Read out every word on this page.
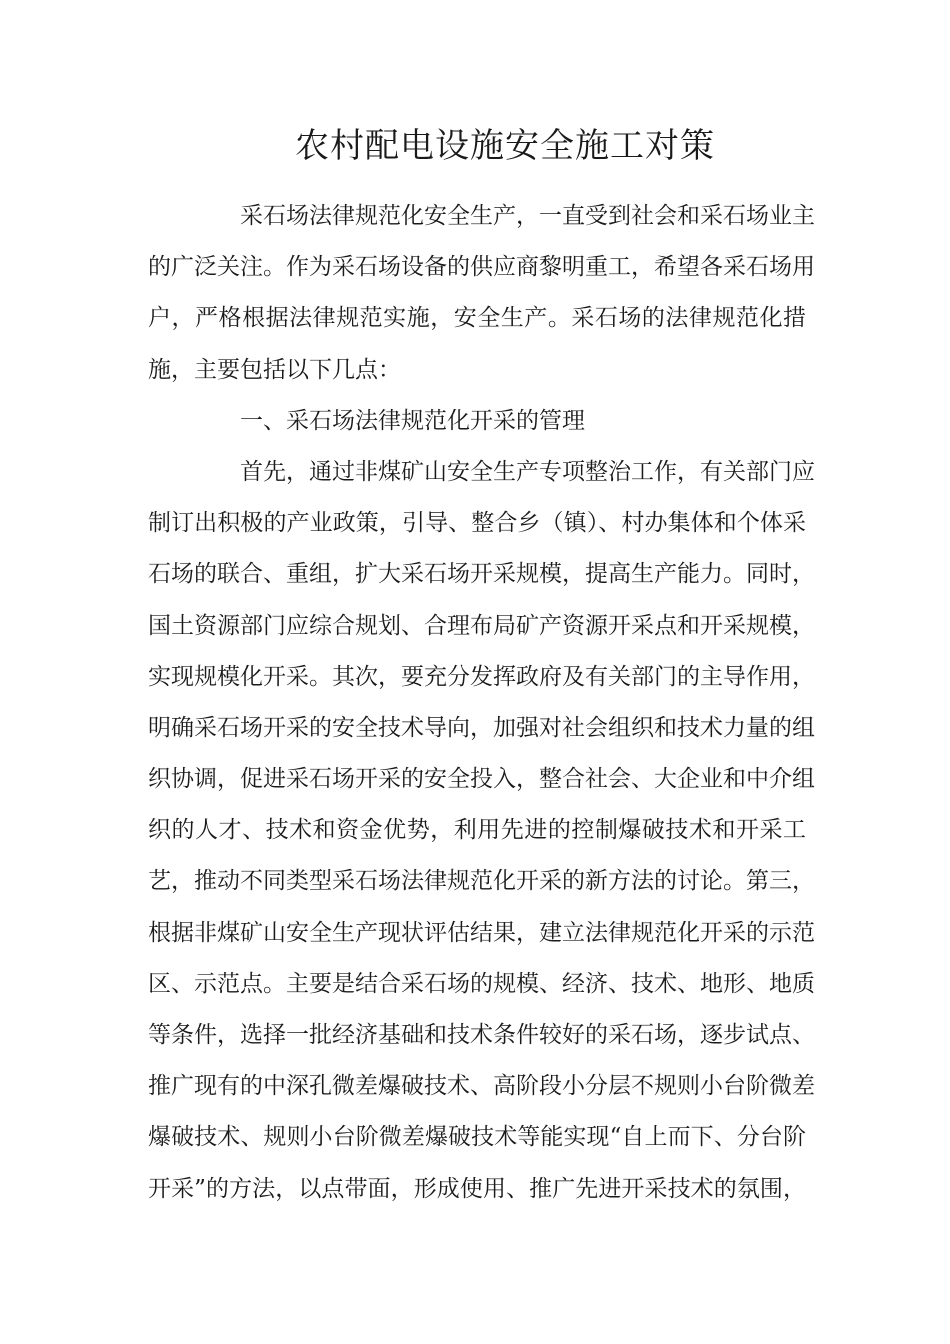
农村配电设施安全施工对策
采石场法律规范化安全生产，一直受到社会和采石场业主
的广泛关注。作为采石场设备的供应商黎明重工，希望各采石场用
户，严格根据法律规范实施，安全生产。采石场的法律规范化措
施，主要包括以下几点：
一、采石场法律规范化开采的管理
首先，通过非煤矿山安全生产专项整治工作，有关部门应
制订出积极的产业政策，引导、整合乡（镇）、村办集体和个体采
石场的联合、重组，扩大采石场开采规模，提高生产能力。同时，
国土资源部门应综合规划、合理布局矿产资源开采点和开采规模，
实现规模化开采。其次，要充分发挥政府及有关部门的主导作用，
明确采石场开采的安全技术导向，加强对社会组织和技术力量的组
织协调，促进采石场开采的安全投入，整合社会、大企业和中介组
织的人才、技术和资金优势，利用先进的控制爆破技术和开采工
艺，推动不同类型采石场法律规范化开采的新方法的讨论。第三，
根据非煤矿山安全生产现状评估结果，建立法律规范化开采的示范
区、示范点。主要是结合采石场的规模、经济、技术、地形、地质
等条件，选择一批经济基础和技术条件较好的采石场，逐步试点、
推广现有的中深孔微差爆破技术、高阶段小分层不规则小台阶微差
爆破技术、规则小台阶微差爆破技术等能实现“自上而下、分台阶
开采”的方法，以点带面，形成使用、推广先进开采技术的氛围，
